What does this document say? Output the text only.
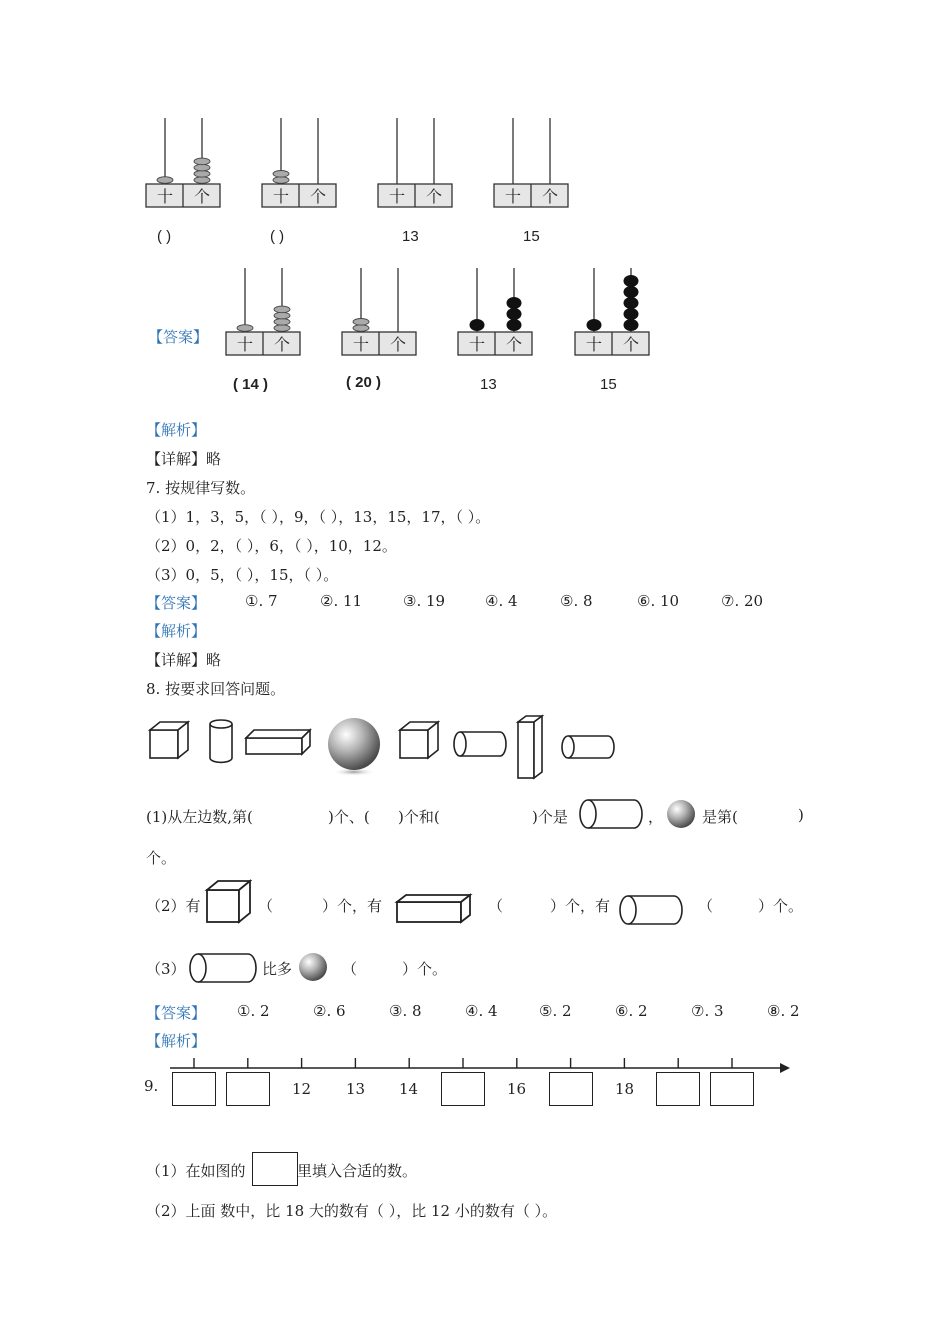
十 个	十 个	十 个	十 个
( )	( )	13	15
【答案】 十 个	十 个	十 个	十 个
( 14 )	( 20 )	13	15
【解析】
【详解】略
7. 按规律写数。
（1）1，3，5，（ ），9，（ ），13，15，17，（ ）。
（2）0，2，（ ），6，（ ），10，12。
（3）0，5，（ ），15，（ ）。
【答案】	①. 7	②. 11	③. 19	④. 4	⑤. 8	⑥. 10	⑦. 20
【解析】
【详解】略
8. 按要求回答问题。
(1)从左边数,第(	)个、( )个和(	)个是	，	是第(	)
个。
（2）有	（	）个，有	（	）个，有	（	）个。
（3）	比多	（	）个。
【答案】 ①. 2	②. 6	③. 8	④. 4	⑤. 2	⑥. 2	⑦. 3	⑧. 2
【解析】
9.	12 13 14	16	18
（1）在如图的	里填入合适的数。
（2）上面 数中，比 18 大的数有（ ），比 12 小的数有（ ）。
